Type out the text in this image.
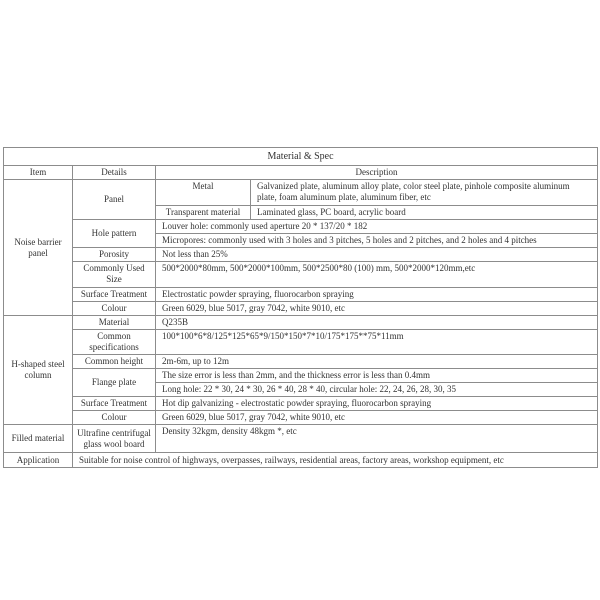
Material & Spec			
Item	Details	Description	
Noise barrier panel	Panel	Metal	Galvanized plate, aluminum alloy plate, color steel plate, pinhole composite aluminum plate, foam aluminum plate, aluminum fiber, etc
		Transparent material	Laminated glass, PC board, acrylic board
	Hole pattern	Louver hole: commonly used aperture 20 * 137/20 * 182	
		Micropores: commonly used with 3 holes and 3 pitches, 5 holes and 2 pitches, and 2 holes and 4 pitches	
	Porosity	Not less than 25%	
	Commonly Used Size	500*2000*80mm, 500*2000*100mm, 500*2500*80 (100) mm, 500*2000*120mm,etc	
	Surface Treatment	Electrostatic powder spraying, fluorocarbon spraying	
	Colour	Green 6029, blue 5017, gray 7042, white 9010, etc	
H-shaped steel column	Material	Q235B	
	Common specifications	100*100*6*8/125*125*65*9/150*150*7*10/175*175**75*11mm	
	Common height	2m-6m, up to 12m	
	Flange plate	The size error is less than 2mm, and the thickness error is less than 0.4mm	
		Long hole: 22 * 30, 24 * 30, 26 * 40, 28 * 40, circular hole: 22, 24, 26, 28, 30, 35	
	Surface Treatment	Hot dip galvanizing - electrostatic powder spraying, fluorocarbon spraying	
	Colour	Green 6029, blue 5017, gray 7042, white 9010, etc	
Filled material	Ultrafine centrifugal glass wool board	Density 32kgm, density 48kgm *, etc	
Application	Suitable for noise control of highways, overpasses, railways, residential areas, factory areas, workshop equipment, etc		
